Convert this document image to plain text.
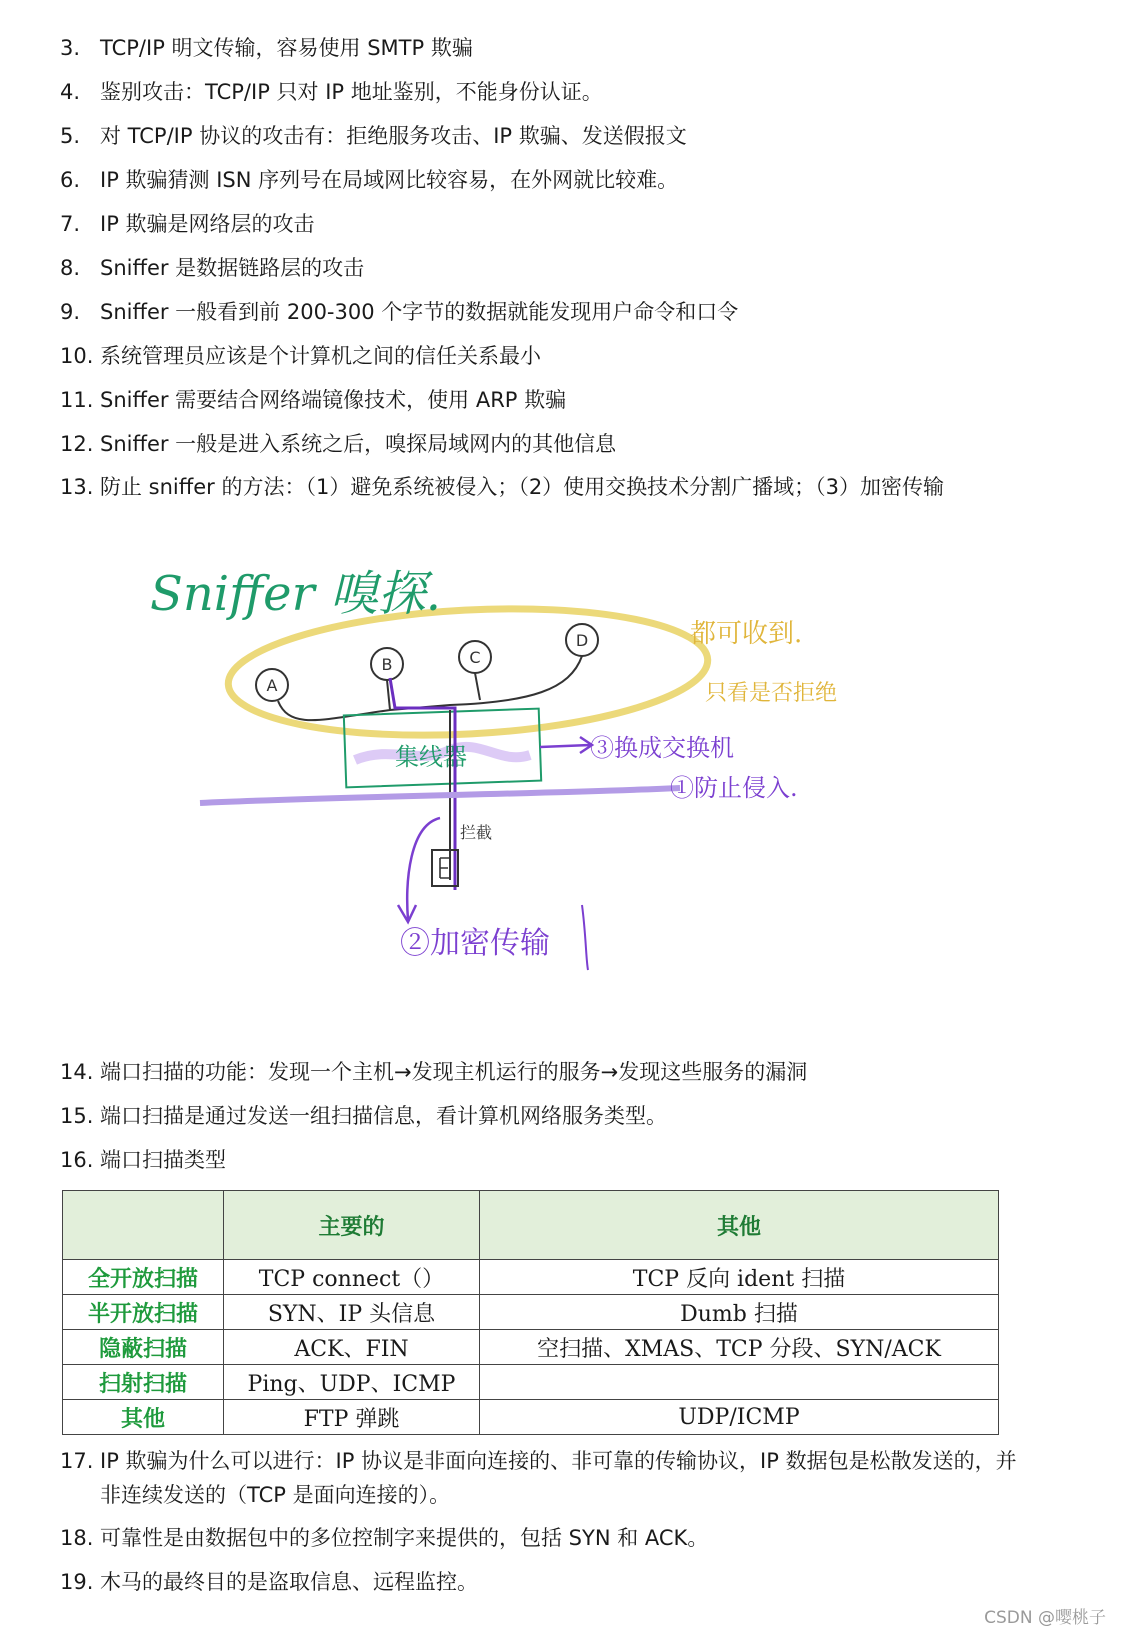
3. TCP/IP 明文传输，容易使用 SMTP 欺骗
4. 鉴别攻击：TCP/IP 只对 IP 地址鉴别，不能身份认证。
5. 对 TCP/IP 协议的攻击有：拒绝服务攻击、IP 欺骗、发送假报文
6. IP 欺骗猜测 ISN 序列号在局域网比较容易，在外网就比较难。
7. IP 欺骗是网络层的攻击
8. Sniffer 是数据链路层的攻击
9. Sniffer 一般看到前 200-300 个字节的数据就能发现用户命令和口令
10. 系统管理员应该是个计算机之间的信任关系最小
11. Sniffer 需要结合网络端镜像技术，使用 ARP 欺骗
12. Sniffer 一般是进入系统之后，嗅探局域网内的其他信息
13. 防止 sniffer 的方法：（1）避免系统被侵入；（2）使用交换技术分割广播域；（3）加密传输
A
B	C
D
集线器
拦截
Sniffer 嗅探.
都可收到.
只看是否拒绝
③换成交换机
①防止侵入.
②加密传输
14. 端口扫描的功能：发现一个主机→发现主机运行的服务→发现这些服务的漏洞
15. 端口扫描是通过发送一组扫描信息，看计算机网络服务类型。
16. 端口扫描类型
	主要的	其他
全开放扫描	TCP connect（）	TCP 反向 ident 扫描
半开放扫描	SYN、IP 头信息	Dumb 扫描
隐蔽扫描	ACK、FIN	空扫描、XMAS、TCP 分段、SYN/ACK
扫射扫描	Ping、UDP、ICMP	
其他	FTP 弹跳	UDP/ICMP
17. IP 欺骗为什么可以进行：IP 协议是非面向连接的、非可靠的传输协议，IP 数据包是松散发送的，并非连续发送的（TCP 是面向连接的）。
18. 可靠性是由数据包中的多位控制字来提供的，包括 SYN 和 ACK。
19. 木马的最终目的是盗取信息、远程监控。
CSDN @嘤桃子
